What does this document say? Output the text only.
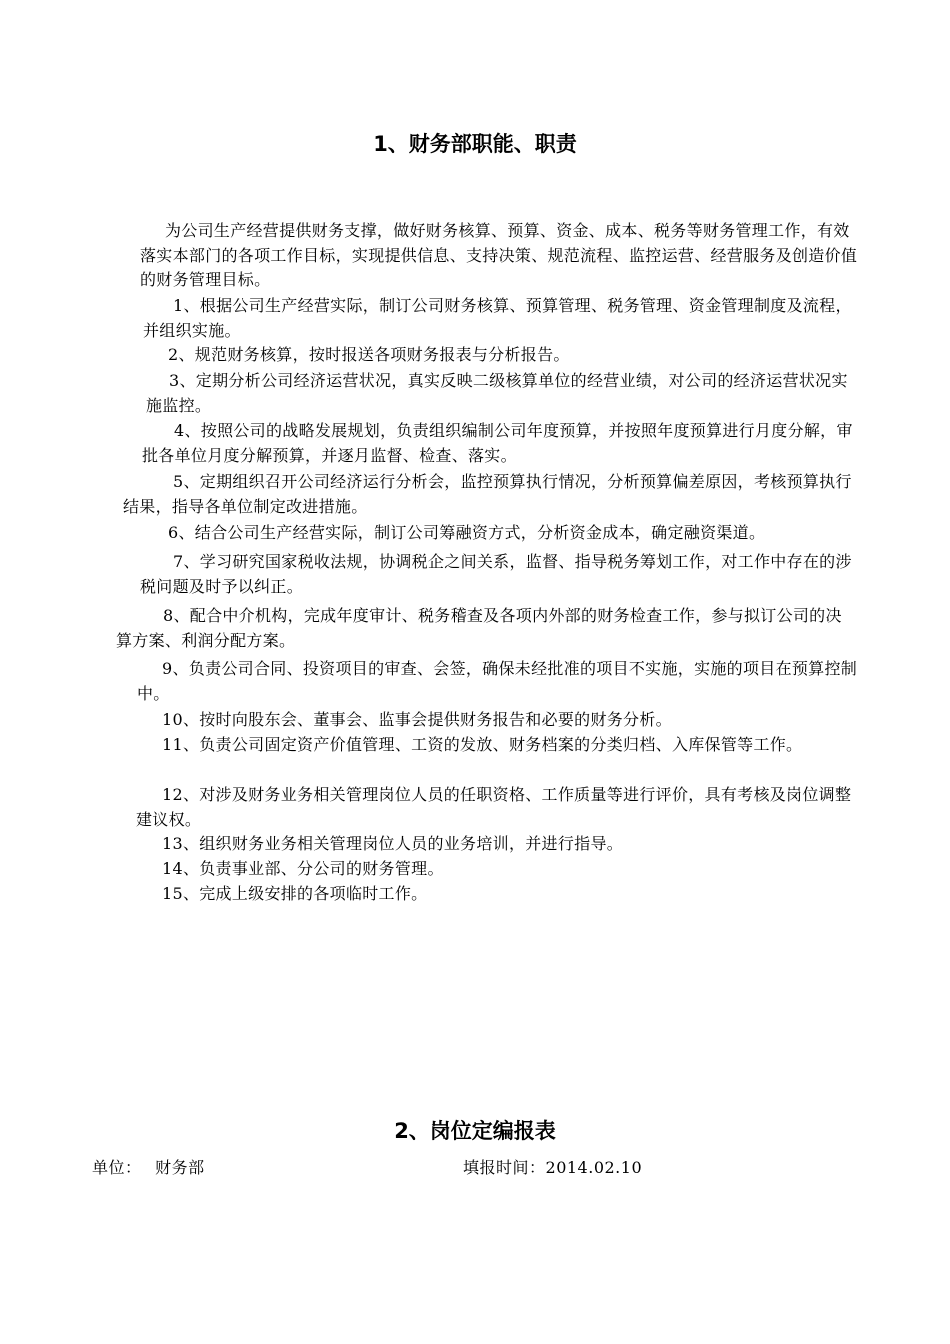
1、财务部职能、职责
为公司生产经营提供财务支撑，做好财务核算、预算、资金、成本、税务等财务管理工作，有效落实本部门的各项工作目标，实现提供信息、支持决策、规范流程、监控运营、经营服务及创造价值的财务管理目标。
1、根据公司生产经营实际，制订公司财务核算、预算管理、税务管理、资金管理制度及流程，并组织实施。
2、规范财务核算，按时报送各项财务报表与分析报告。
3、定期分析公司经济运营状况，真实反映二级核算单位的经营业绩，对公司的经济运营状况实施监控。
4、按照公司的战略发展规划，负责组织编制公司年度预算，并按照年度预算进行月度分解，审批各单位月度分解预算，并逐月监督、检查、落实。
5、定期组织召开公司经济运行分析会，监控预算执行情况，分析预算偏差原因，考核预算执行结果，指导各单位制定改进措施。
6、结合公司生产经营实际，制订公司筹融资方式，分析资金成本，确定融资渠道。
7、学习研究国家税收法规，协调税企之间关系，监督、指导税务筹划工作，对工作中存在的涉税问题及时予以纠正。
8、配合中介机构，完成年度审计、税务稽查及各项内外部的财务检查工作，参与拟订公司的决算方案、利润分配方案。
9、负责公司合同、投资项目的审查、会签，确保未经批准的项目不实施，实施的项目在预算控制中。
10、按时向股东会、董事会、监事会提供财务报告和必要的财务分析。
11、负责公司固定资产价值管理、工资的发放、财务档案的分类归档、入库保管等工作。
12、对涉及财务业务相关管理岗位人员的任职资格、工作质量等进行评价，具有考核及岗位调整建议权。
13、组织财务业务相关管理岗位人员的业务培训，并进行指导。
14、负责事业部、分公司的财务管理。
15、完成上级安排的各项临时工作。
2、岗位定编报表
单位： 财务部	填报时间：2014.02.10
